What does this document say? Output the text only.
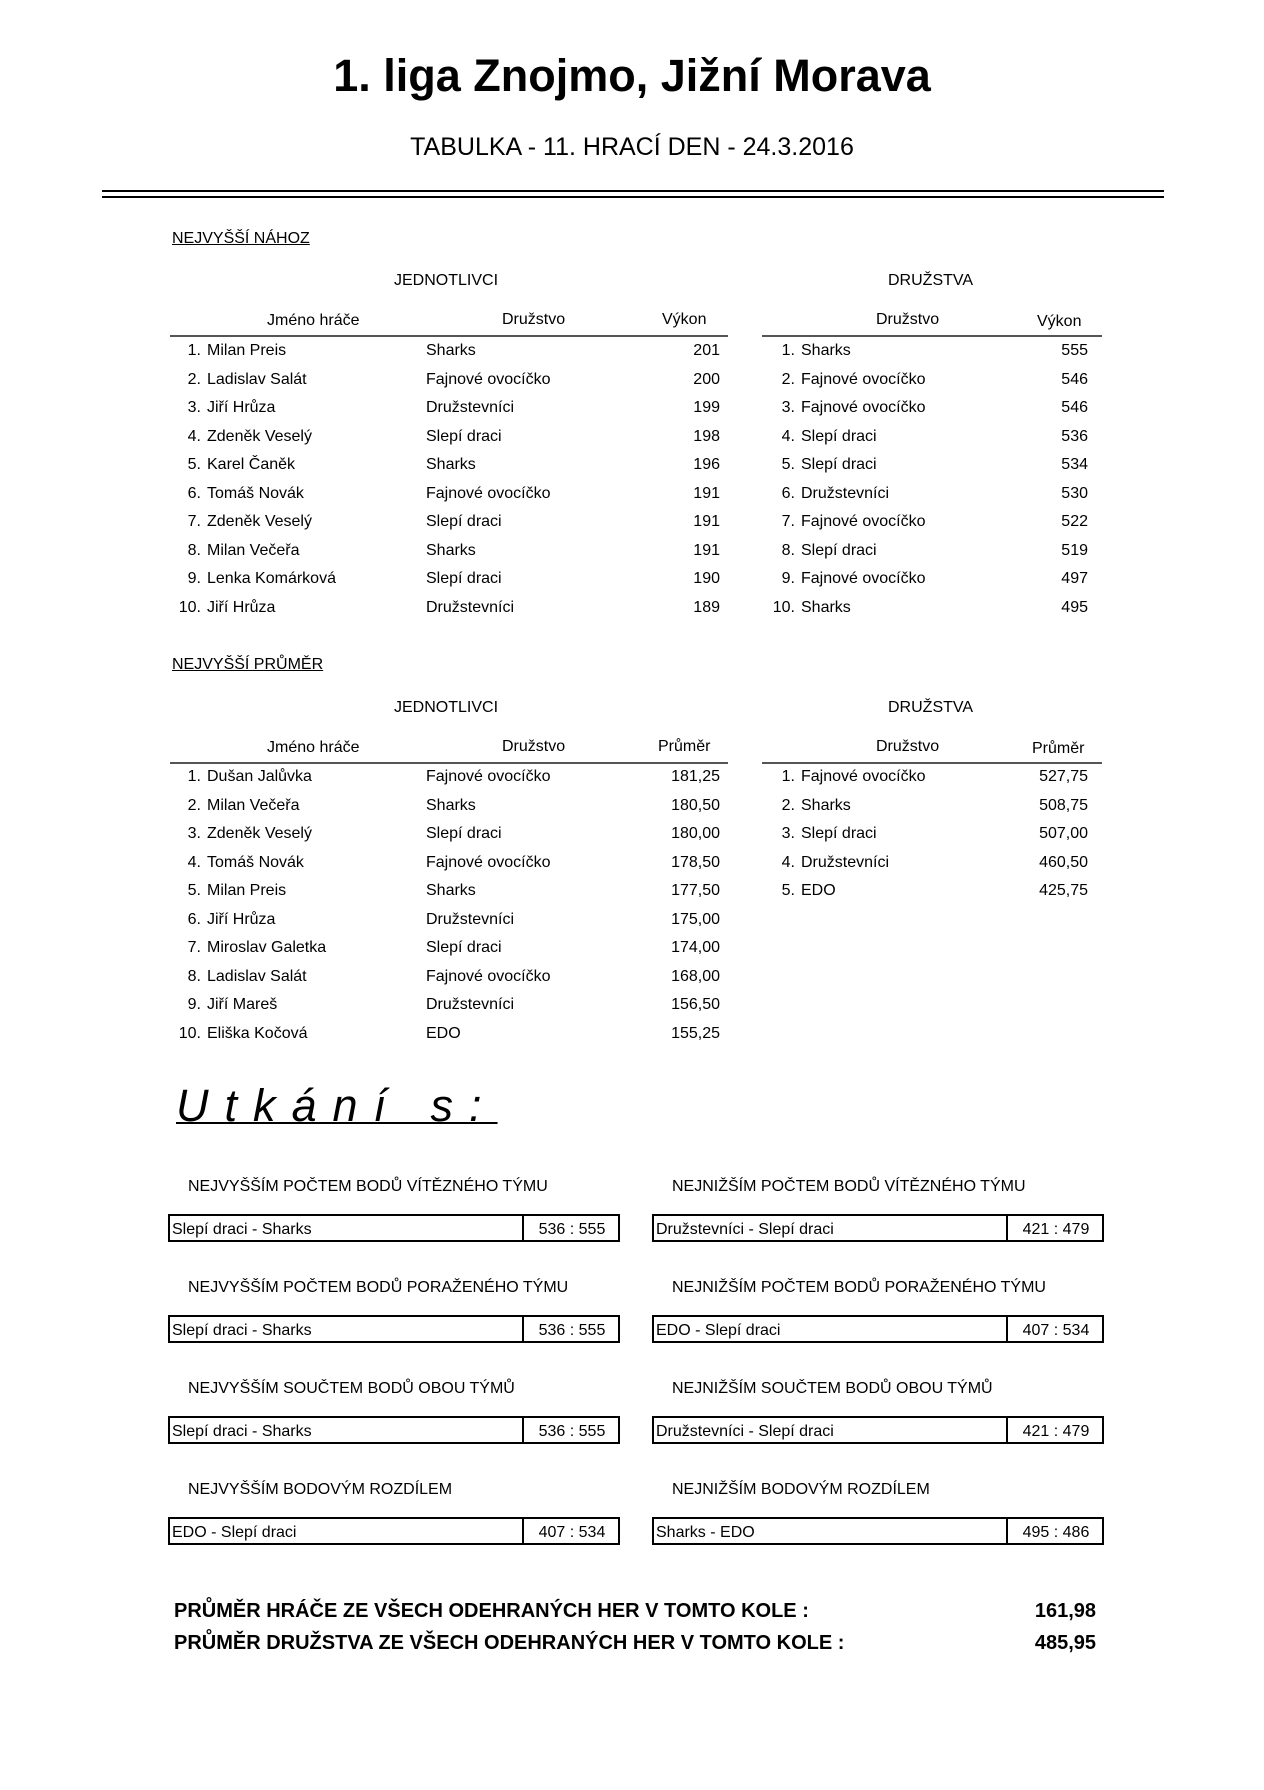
1. liga Znojmo, Jižní Morava
TABULKA - 11. HRACÍ DEN - 24.3.2016
NEJVYŠŠÍ NÁHOZ
JEDNOTLIVCI	DRUŽSTVA
Jméno hráče	Družstvo	Výkon	Družstvo	Výkon
1. Milan Preis	Sharks	201
2. Ladislav Salát	Fajnové ovocíčko	200
3. Jiří Hrůza	Družstevníci	199
4. Zdeněk Veselý	Slepí draci	198
5. Karel Čaněk	Sharks	196
6. Tomáš Novák	Fajnové ovocíčko	191
7. Zdeněk Veselý	Slepí draci	191
8. Milan Večeřa	Sharks	191
9. Lenka Komárková	Slepí draci	190
10. Jiří Hrůza	Družstevníci	189
1. Sharks	555
2. Fajnové ovocíčko	546
3. Fajnové ovocíčko	546
4. Slepí draci	536
5. Slepí draci	534
6. Družstevníci	530
7. Fajnové ovocíčko	522
8. Slepí draci	519
9. Fajnové ovocíčko	497
10. Sharks	495
NEJVYŠŠÍ PRŮMĚR
JEDNOTLIVCI	DRUŽSTVA
Jméno hráče	Družstvo	Průměr	Družstvo	Průměr
1. Dušan Jalůvka	Fajnové ovocíčko	181,25
2. Milan Večeřa	Sharks	180,50
3. Zdeněk Veselý	Slepí draci	180,00
4. Tomáš Novák	Fajnové ovocíčko	178,50
5. Milan Preis	Sharks	177,50
6. Jiří Hrůza	Družstevníci	175,00
7. Miroslav Galetka	Slepí draci	174,00
8. Ladislav Salát	Fajnové ovocíčko	168,00
9. Jiří Mareš	Družstevníci	156,50
10. Eliška Kočová	EDO	155,25
1. Fajnové ovocíčko	527,75
2. Sharks	508,75
3. Slepí draci	507,00
4. Družstevníci	460,50
5. EDO	425,75
Utkání s:
NEJVYŠŠÍM POČTEM BODŮ VÍTĚZNÉHO TÝMU
Slepí draci - Sharks	536 : 555
NEJNIŽŠÍM POČTEM BODŮ VÍTĚZNÉHO TÝMU
Družstevníci - Slepí draci	421 : 479
NEJVYŠŠÍM POČTEM BODŮ PORAŽENÉHO TÝMU
Slepí draci - Sharks	536 : 555
NEJNIŽŠÍM POČTEM BODŮ PORAŽENÉHO TÝMU
EDO - Slepí draci	407 : 534
NEJVYŠŠÍM SOUČTEM BODŮ OBOU TÝMŮ
Slepí draci - Sharks	536 : 555
NEJNIŽŠÍM SOUČTEM BODŮ OBOU TÝMŮ
Družstevníci - Slepí draci	421 : 479
NEJVYŠŠÍM BODOVÝM ROZDÍLEM
EDO - Slepí draci	407 : 534
NEJNIŽŠÍM BODOVÝM ROZDÍLEM
Sharks - EDO	495 : 486
PRŮMĚR HRÁČE ZE VŠECH ODEHRANÝCH HER V TOMTO KOLE :	161,98
PRŮMĚR DRUŽSTVA ZE VŠECH ODEHRANÝCH HER V TOMTO KOLE :	485,95
